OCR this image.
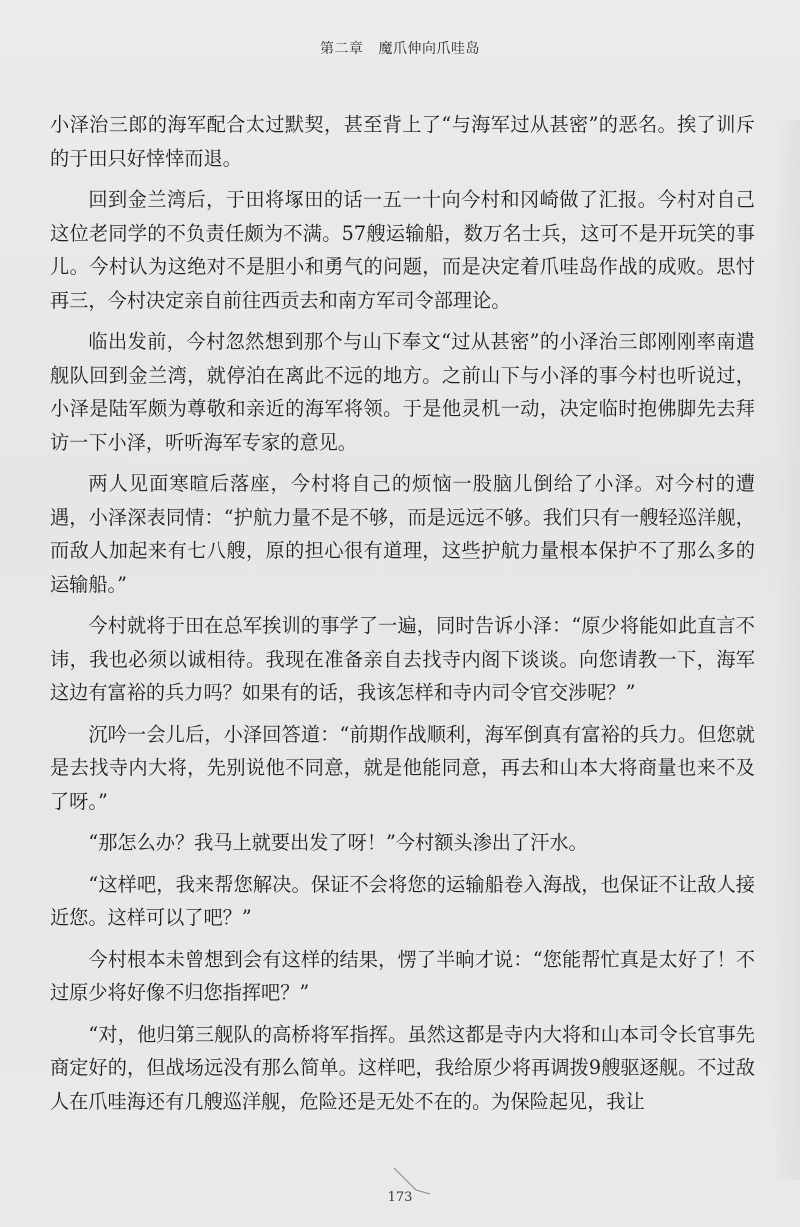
第二章 魔爪伸向爪哇岛

小泽治三郎的海军配合太过默契，甚至背上了“与海军过从甚密”的恶名。挨了训斥的于田只好悻悻而退。

回到金兰湾后，于田将塚田的话一五一十向今村和冈崎做了汇报。今村对自己这位老同学的不负责任颇为不满。57艘运输船，数万名士兵，这可不是开玩笑的事儿。今村认为这绝对不是胆小和勇气的问题，而是决定着爪哇岛作战的成败。思忖再三，今村决定亲自前往西贡去和南方军司令部理论。

临出发前，今村忽然想到那个与山下奉文“过从甚密”的小泽治三郎刚刚率南遣舰队回到金兰湾，就停泊在离此不远的地方。之前山下与小泽的事今村也听说过，小泽是陆军颇为尊敬和亲近的海军将领。于是他灵机一动，决定临时抱佛脚先去拜访一下小泽，听听海军专家的意见。

两人见面寒暄后落座，今村将自己的烦恼一股脑儿倒给了小泽。对今村的遭遇，小泽深表同情：“护航力量不是不够，而是远远不够。我们只有一艘轻巡洋舰，而敌人加起来有七八艘，原的担心很有道理，这些护航力量根本保护不了那么多的运输船。”

今村就将于田在总军挨训的事学了一遍，同时告诉小泽：“原少将能如此直言不讳，我也必须以诚相待。我现在准备亲自去找寺内阁下谈谈。向您请教一下，海军这边有富裕的兵力吗？如果有的话，我该怎样和寺内司令官交涉呢？”

沉吟一会儿后，小泽回答道：“前期作战顺利，海军倒真有富裕的兵力。但您就是去找寺内大将，先别说他不同意，就是他能同意，再去和山本大将商量也来不及了呀。”

“那怎么办？我马上就要出发了呀！”今村额头渗出了汗水。

“这样吧，我来帮您解决。保证不会将您的运输船卷入海战，也保证不让敌人接近您。这样可以了吧？”

今村根本未曾想到会有这样的结果，愣了半晌才说：“您能帮忙真是太好了！不过原少将好像不归您指挥吧？”

“对，他归第三舰队的高桥将军指挥。虽然这都是寺内大将和山本司令长官事先商定好的，但战场远没有那么简单。这样吧，我给原少将再调拨9艘驱逐舰。不过敌人在爪哇海还有几艘巡洋舰，危险还是无处不在的。为保险起见，我让

173
